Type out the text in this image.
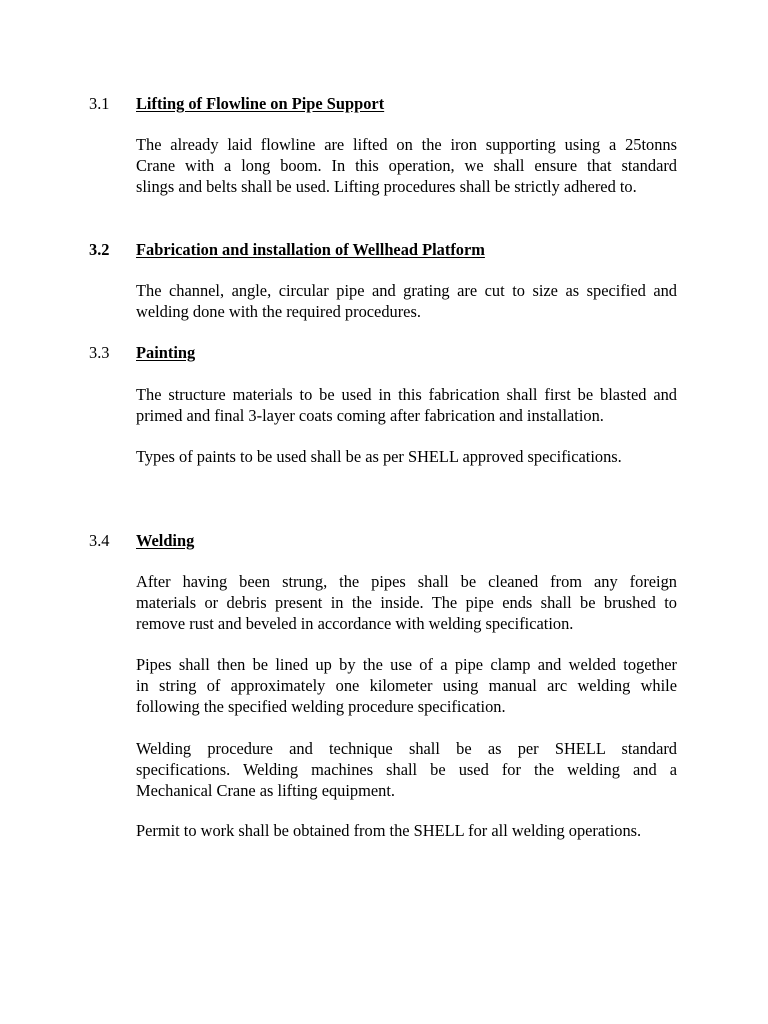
3.1 Lifting of Flowline on Pipe Support

The already laid flowline are lifted on the iron supporting using a 25tonns
Crane with a long boom. In this operation, we shall ensure that standard
slings and belts shall be used. Lifting procedures shall be strictly adhered to.

3.2 Fabrication and installation of Wellhead Platform

The channel, angle, circular pipe and grating are cut to size as specified and
welding done with the required procedures.

3.3 Painting

The structure materials to be used in this fabrication shall first be blasted and
primed and final 3-layer coats coming after fabrication and installation.

Types of paints to be used shall be as per SHELL approved specifications.

3.4 Welding

After having been strung, the pipes shall be cleaned from any foreign
materials or debris present in the inside. The pipe ends shall be brushed to
remove rust and beveled in accordance with welding specification.

Pipes shall then be lined up by the use of a pipe clamp and welded together
in string of approximately one kilometer using manual arc welding while
following the specified welding procedure specification.

Welding procedure and technique shall be as per SHELL standard
specifications. Welding machines shall be used for the welding and a
Mechanical Crane as lifting equipment.

Permit to work shall be obtained from the SHELL for all welding operations.
